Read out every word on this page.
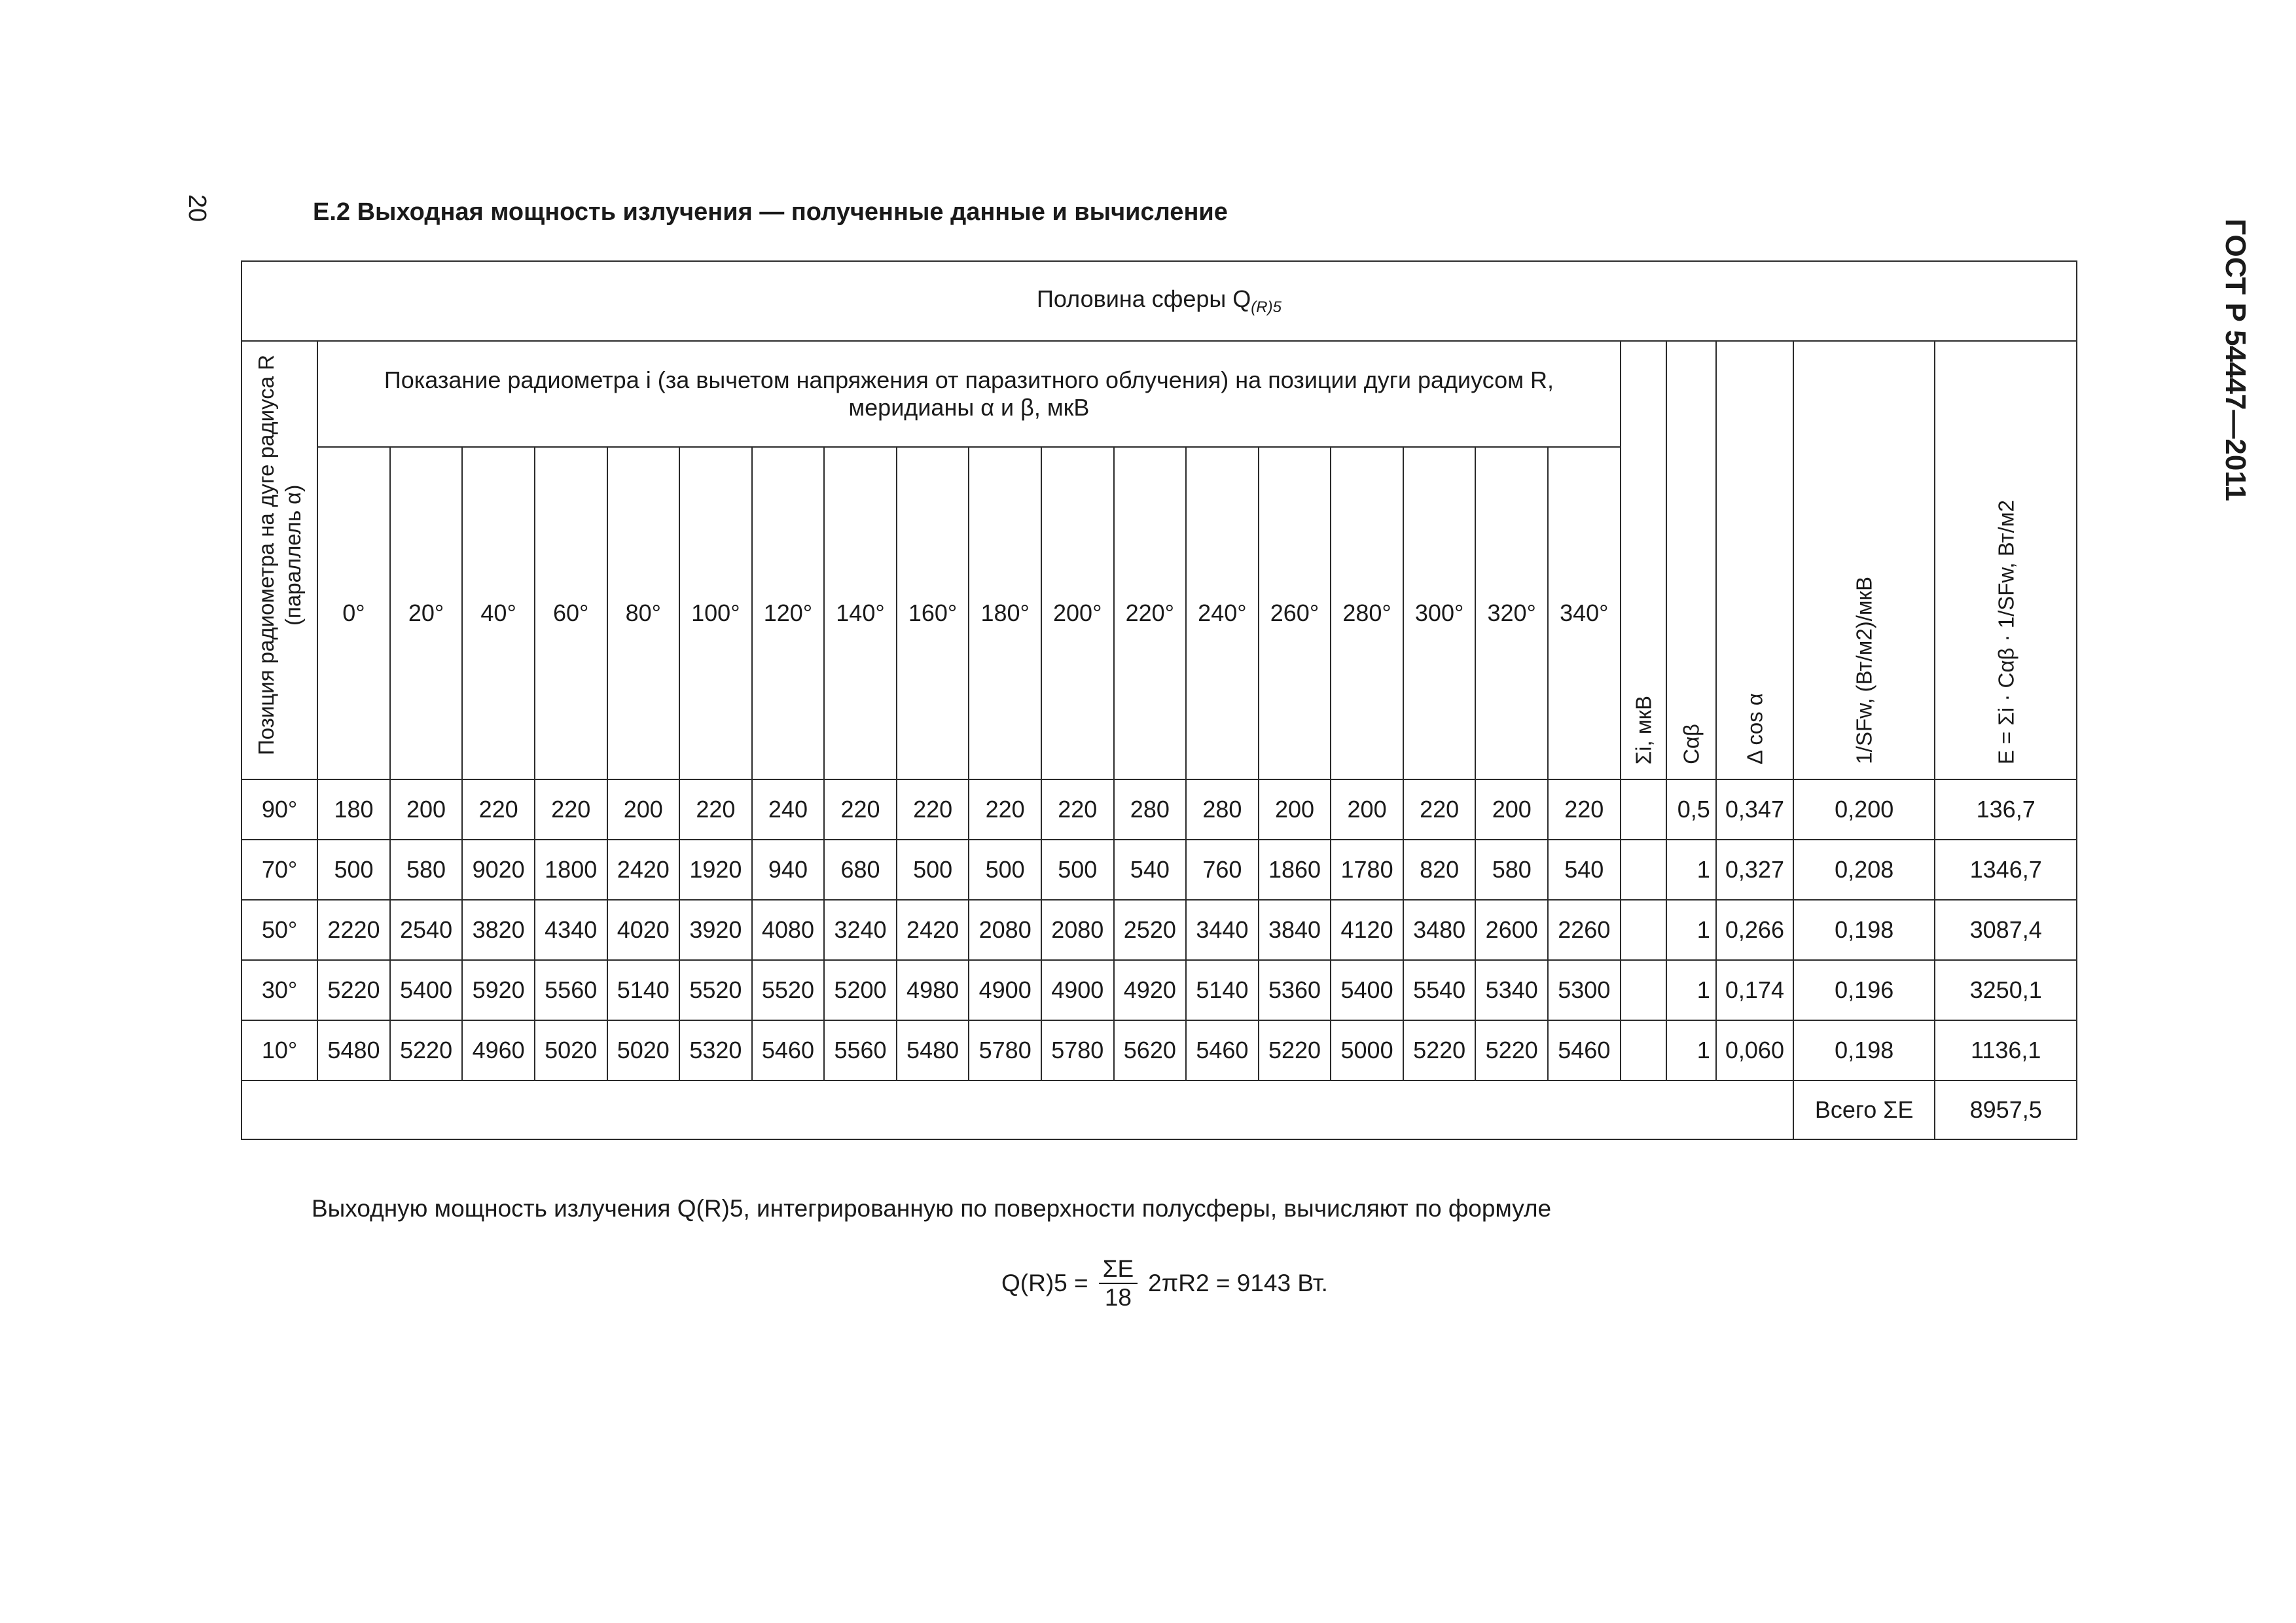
20
ГОСТ Р 54447—2011
Е.2 Выходная мощность излучения — полученные данные и вычисление
Половина сферы $Q_{(R)5}$

Позиция радиометра на дуге радиуса R (параллель α)	Показание радиометра i (за вычетом напряжения от паразитного облучения) на позиции дуги радиусом R, меридианы α и β, мкВ																		Σi, мкВ	Cαβ	Δ cos α	1/SFw, (Вт/м2)/мкВ	E = Σi · Cαβ · 1/SFw, Вт/м2

	0°	20°	40°	60°	80°	100°	120°	140°	160°	180°	200°	220°	240°	260°	280°	300°	320°	340°					
90°	180	200	220	220	200	220	240	220	220	220	220	280	280	200	200	220	200	220		0,5	0,347	0,200	136,7
70°	500	580	9020	1800	2420	1920	940	680	500	500	500	540	760	1860	1780	820	580	540		1	0,327	0,208	1346,7
50°	2220	2540	3820	4340	4020	3920	4080	3240	2420	2080	2080	2520	3440	3840	4120	3480	2600	2260		1	0,266	0,198	3087,4
30°	5220	5400	5920	5560	5140	5520	5520	5200	4980	4900	4900	4920	5140	5360	5400	5540	5340	5300		1	0,174	0,196	3250,1
10°	5480	5220	4960	5020	5020	5320	5460	5560	5480	5780	5780	5620	5460	5220	5000	5220	5220	5460		1	0,060	0,198	1136,1
																						Всего ΣE	8957,5
Выходную мощность излучения Q(R)5, интегрированную по поверхности полусферы, вычисляют по формуле
$Q(R)5 = \frac{\Sigma E}{18} 2\pi R2 = 9143$ Вт.
